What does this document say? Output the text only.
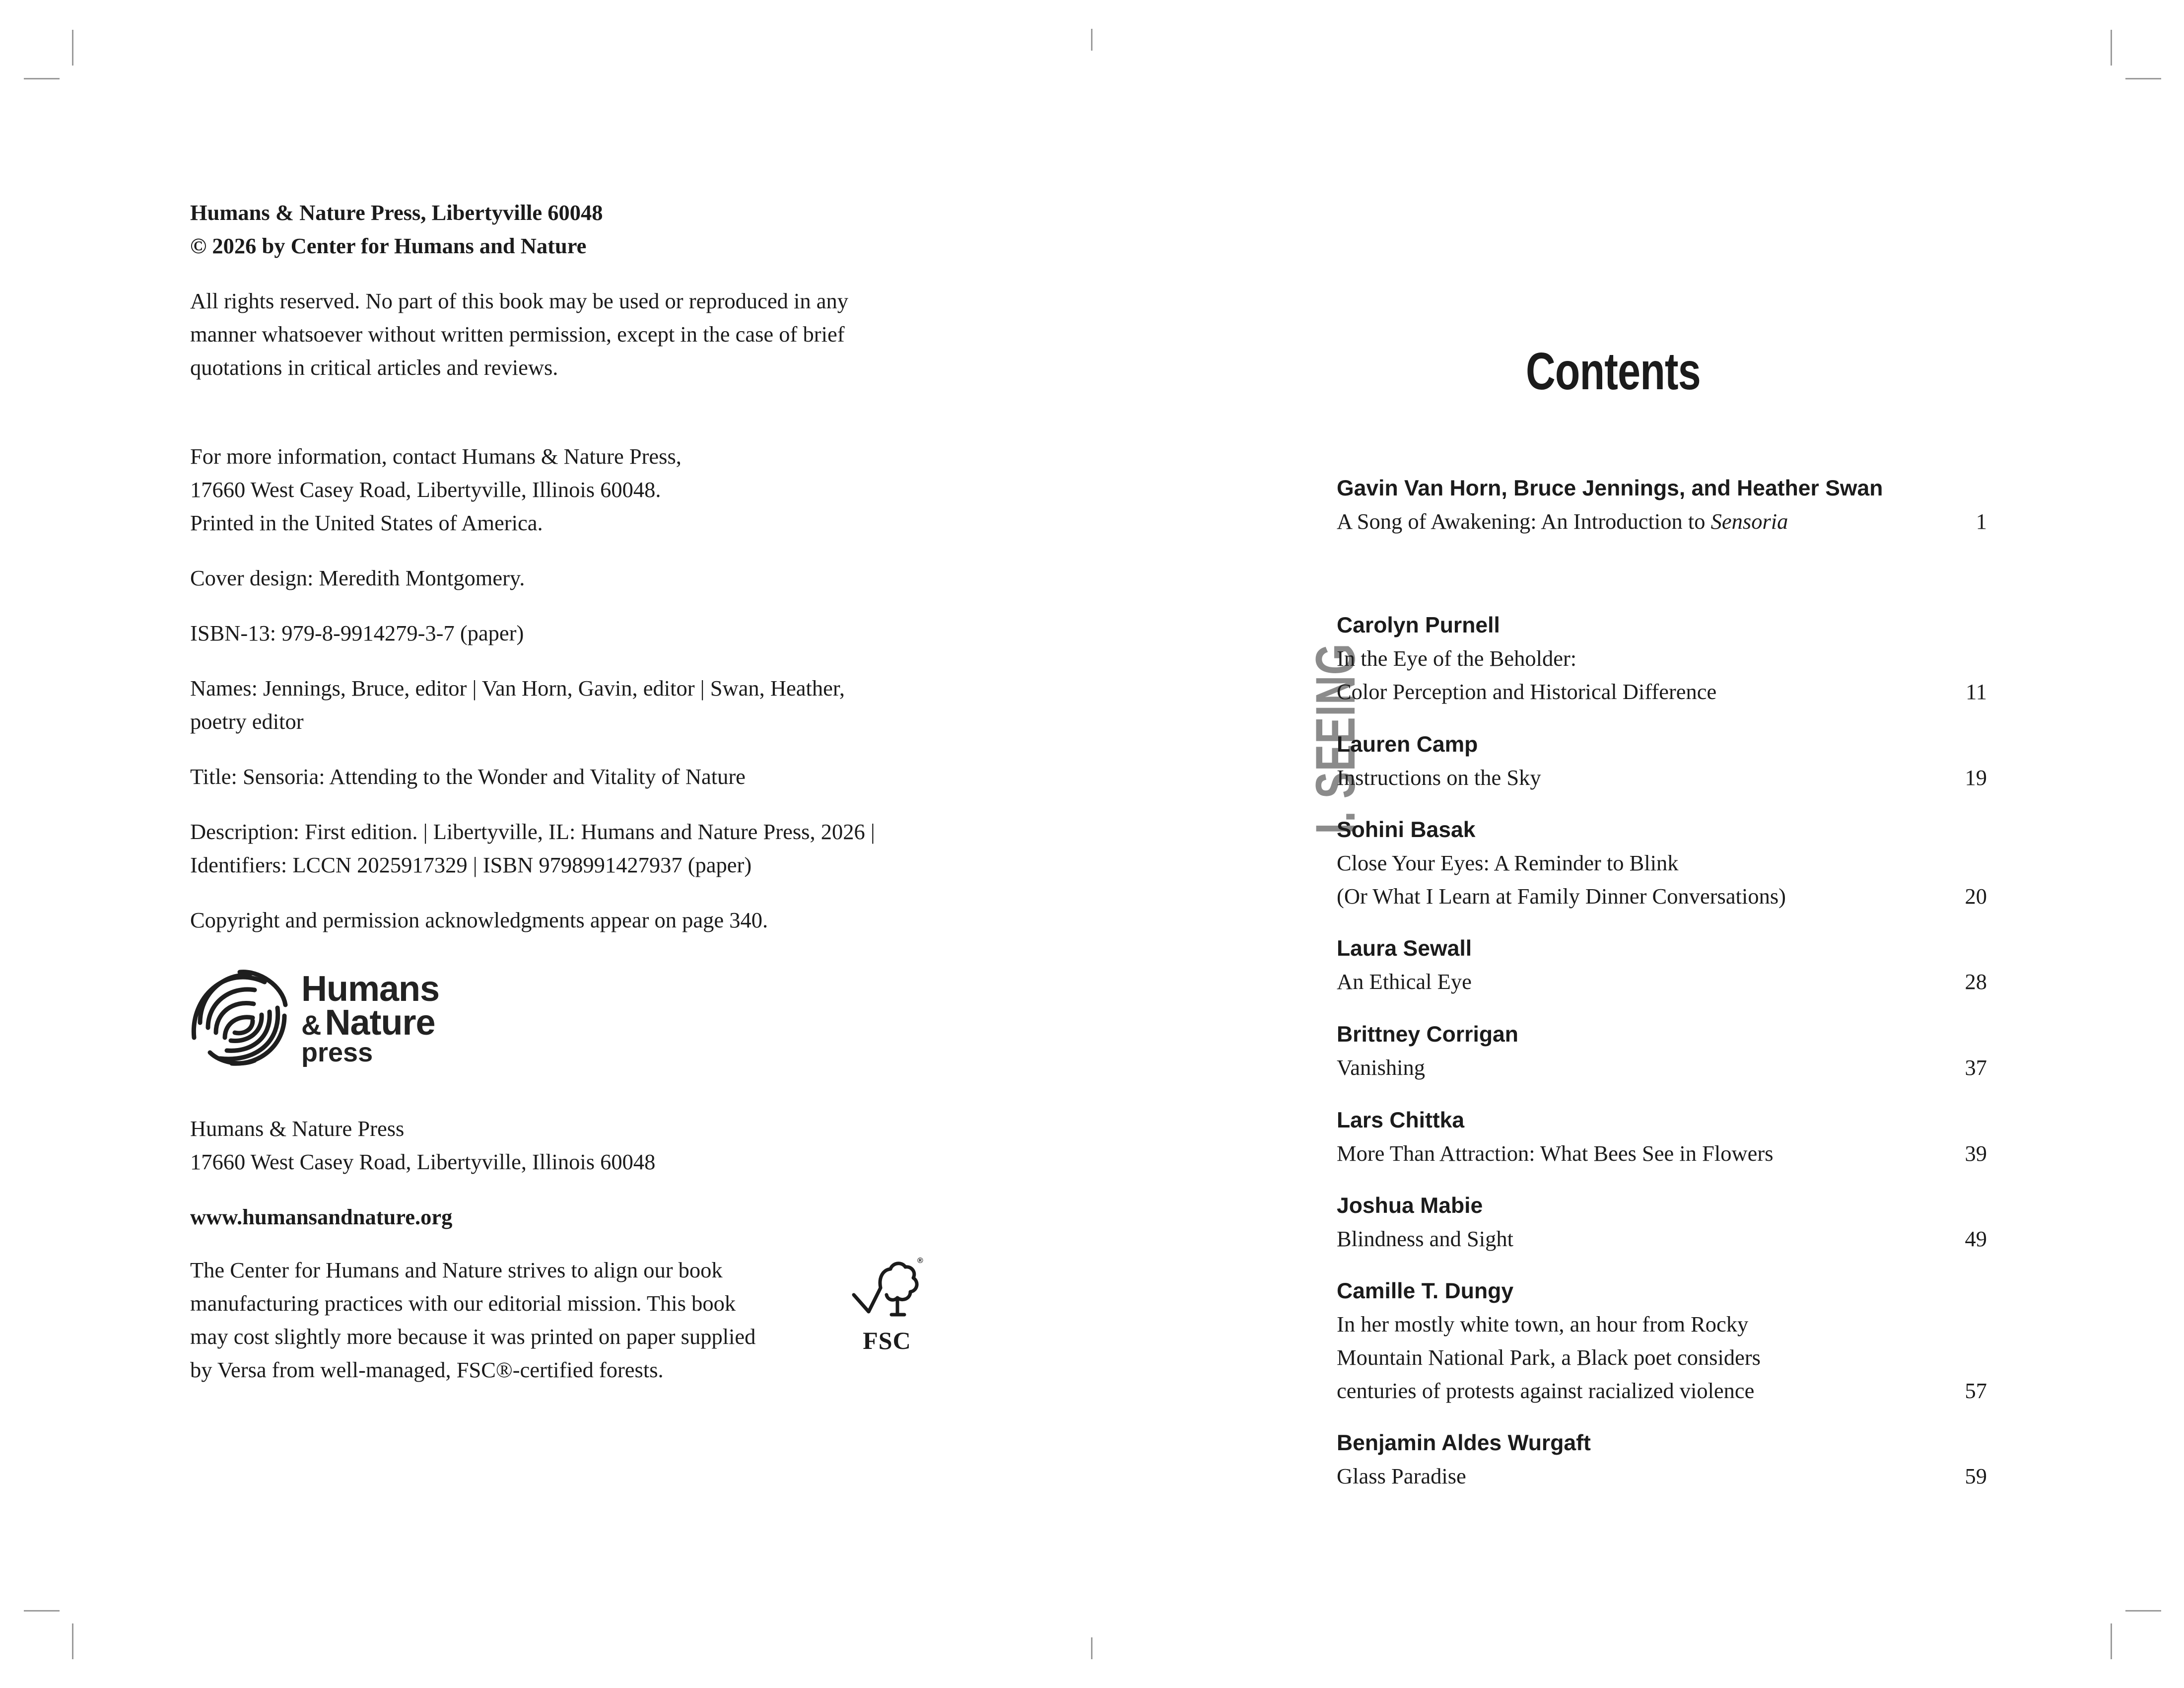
Humans & Nature Press, Libertyville 60048

© 2026 by Center for Humans and Nature

All rights reserved. No part of this book may be used or reproduced in any

manner whatsoever without written permission, except in the case of brief

quotations in critical articles and reviews.

For more information, contact Humans & Nature Press,

17660 West Casey Road, Libertyville, Illinois 60048.

Printed in the United States of America.

Cover design: Meredith Montgomery.

ISBN-13: 979-8-9914279-3-7 (paper)

Names: Jennings, Bruce, editor | Van Horn, Gavin, editor | Swan, Heather,

poetry editor

Title: Sensoria: Attending to the Wonder and Vitality of Nature

Description: First edition. | Libertyville, IL: Humans and Nature Press, 2026 |

Identifiers: LCCN 2025917329 | ISBN 9798991427937 (paper)

Copyright and permission acknowledgments appear on page 340.

Humans
& Nature
press

Humans & Nature Press

17660 West Casey Road, Libertyville, Illinois 60048

www.humansandnature.org

The Center for Humans and Nature strives to align our book

manufacturing practices with our editorial mission. This book

may cost slightly more because it was printed on paper supplied

by Versa from well-managed, FSC®-certified forests.

®
FSC
Contents
I. SEEING
Gavin Van Horn, Bruce Jennings, and Heather Swan
A Song of Awakening: An Introduction to Sensoria	1
Carolyn Purnell
In the Eye of the Beholder:
Color Perception and Historical Difference	11
Lauren Camp
Instructions on the Sky	19
Sohini Basak
Close Your Eyes: A Reminder to Blink
(Or What I Learn at Family Dinner Conversations)	20
Laura Sewall
An Ethical Eye	28
Brittney Corrigan
Vanishing	37
Lars Chittka
More Than Attraction: What Bees See in Flowers	39
Joshua Mabie
Blindness and Sight	49
Camille T. Dungy
In her mostly white town, an hour from Rocky
Mountain National Park, a Black poet considers
centuries of protests against racialized violence	57
Benjamin Aldes Wurgaft
Glass Paradise	59
